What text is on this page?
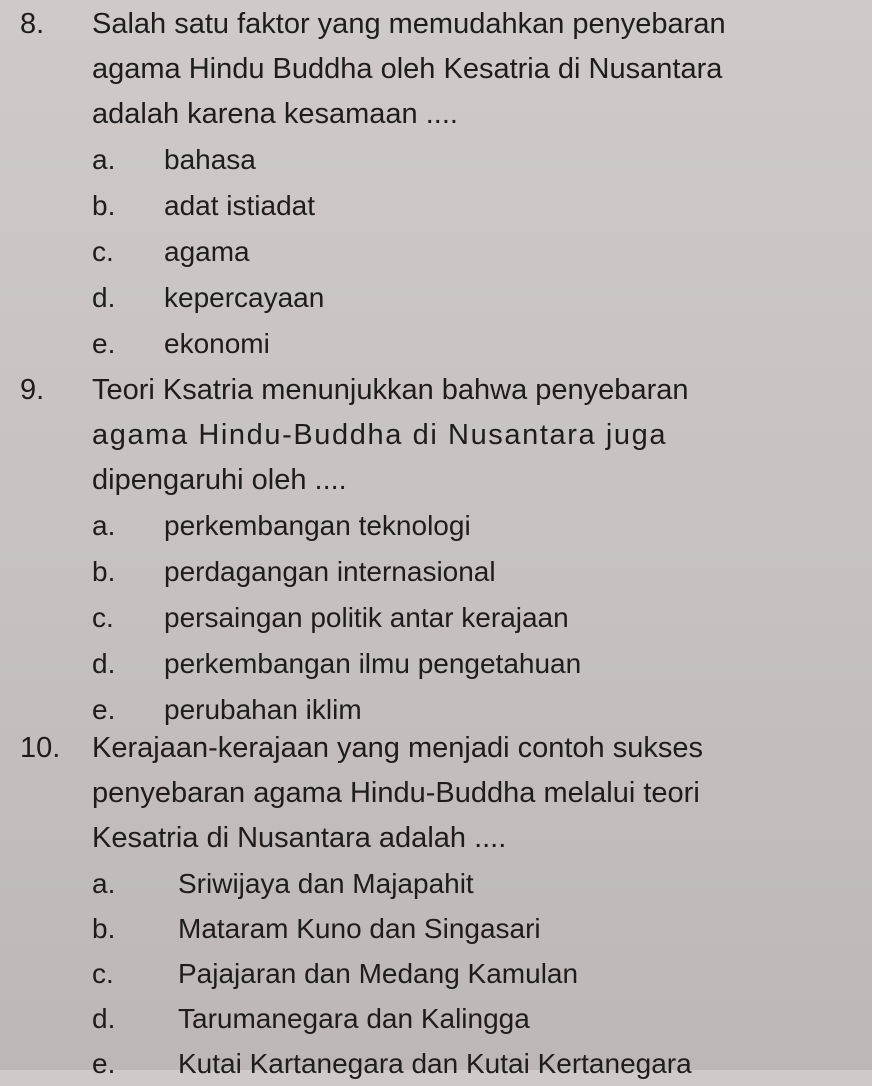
8.	Salah satu faktor yang memudahkan penyebaran
agama Hindu Buddha oleh Kesatria di Nusantara
adalah karena kesamaan ....
a.	bahasa
b.	adat istiadat
c.	agama
d.	kepercayaan
e.	ekonomi
9.	Teori Ksatria menunjukkan bahwa penyebaran
agama Hindu-Buddha di Nusantara juga
dipengaruhi oleh ....
a.	perkembangan teknologi
b.	perdagangan internasional
c.	persaingan politik antar kerajaan
d.	perkembangan ilmu pengetahuan
e.	perubahan iklim
10.	Kerajaan-kerajaan yang menjadi contoh sukses
penyebaran agama Hindu-Buddha melalui teori
Kesatria di Nusantara adalah ....
a.	Sriwijaya dan Majapahit
b.	Mataram Kuno dan Singasari
c.	Pajajaran dan Medang Kamulan
d.	Tarumanegara dan Kalingga
e.	Kutai Kartanegara dan Kutai Kertanegara
